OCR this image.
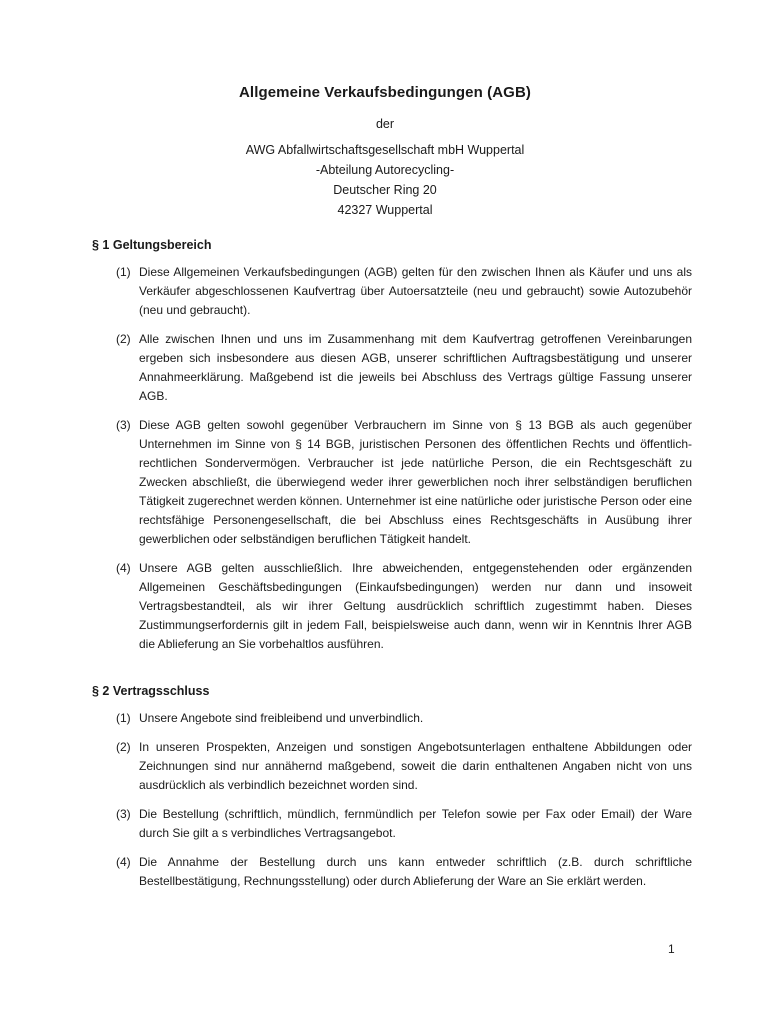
Allgemeine Verkaufsbedingungen (AGB)
der
AWG Abfallwirtschaftsgesellschaft mbH Wuppertal
-Abteilung Autorecycling-
Deutscher Ring 20
42327 Wuppertal
§ 1 Geltungsbereich
(1) Diese Allgemeinen Verkaufsbedingungen (AGB) gelten für den zwischen Ihnen als Käufer und uns als Verkäufer abgeschlossenen Kaufvertrag über Autoersatzteile (neu und gebraucht) sowie Autozubehör (neu und gebraucht).
(2) Alle zwischen Ihnen und uns im Zusammenhang mit dem Kaufvertrag getroffenen Vereinbarungen ergeben sich insbesondere aus diesen AGB, unserer schriftlichen Auftragsbestätigung und unserer Annahmeerklärung. Maßgebend ist die jeweils bei Abschluss des Vertrags gültige Fassung unserer AGB.
(3) Diese AGB gelten sowohl gegenüber Verbrauchern im Sinne von § 13 BGB als auch gegenüber Unternehmen im Sinne von § 14 BGB, juristischen Personen des öffentlichen Rechts und öffentlich-rechtlichen Sondervermögen. Verbraucher ist jede natürliche Person, die ein Rechtsgeschäft zu Zwecken abschließt, die überwiegend weder ihrer gewerblichen noch ihrer selbständigen beruflichen Tätigkeit zugerechnet werden können. Unternehmer ist eine natürliche oder juristische Person oder eine rechtsfähige Personengesellschaft, die bei Abschluss eines Rechtsgeschäfts in Ausübung ihrer gewerblichen oder selbständigen beruflichen Tätigkeit handelt.
(4) Unsere AGB gelten ausschließlich. Ihre abweichenden, entgegenstehenden oder ergänzenden Allgemeinen Geschäftsbedingungen (Einkaufsbedingungen) werden nur dann und insoweit Vertragsbestandteil, als wir ihrer Geltung ausdrücklich schriftlich zugestimmt haben. Dieses Zustimmungserfordernis gilt in jedem Fall, beispielsweise auch dann, wenn wir in Kenntnis Ihrer AGB die Ablieferung an Sie vorbehaltlos ausführen.
§ 2 Vertragsschluss
(1) Unsere Angebote sind freibleibend und unverbindlich.
(2) In unseren Prospekten, Anzeigen und sonstigen Angebotsunterlagen enthaltene Abbildungen oder Zeichnungen sind nur annähernd maßgebend, soweit die darin enthaltenen Angaben nicht von uns ausdrücklich als verbindlich bezeichnet worden sind.
(3) Die Bestellung (schriftlich, mündlich, fernmündlich per Telefon sowie per Fax oder Email) der Ware durch Sie gilt a s verbindliches Vertragsangebot.
(4) Die Annahme der Bestellung durch uns kann entweder schriftlich (z.B. durch schriftliche Bestellbestätigung, Rechnungsstellung) oder durch Ablieferung der Ware an Sie erklärt werden.
1
